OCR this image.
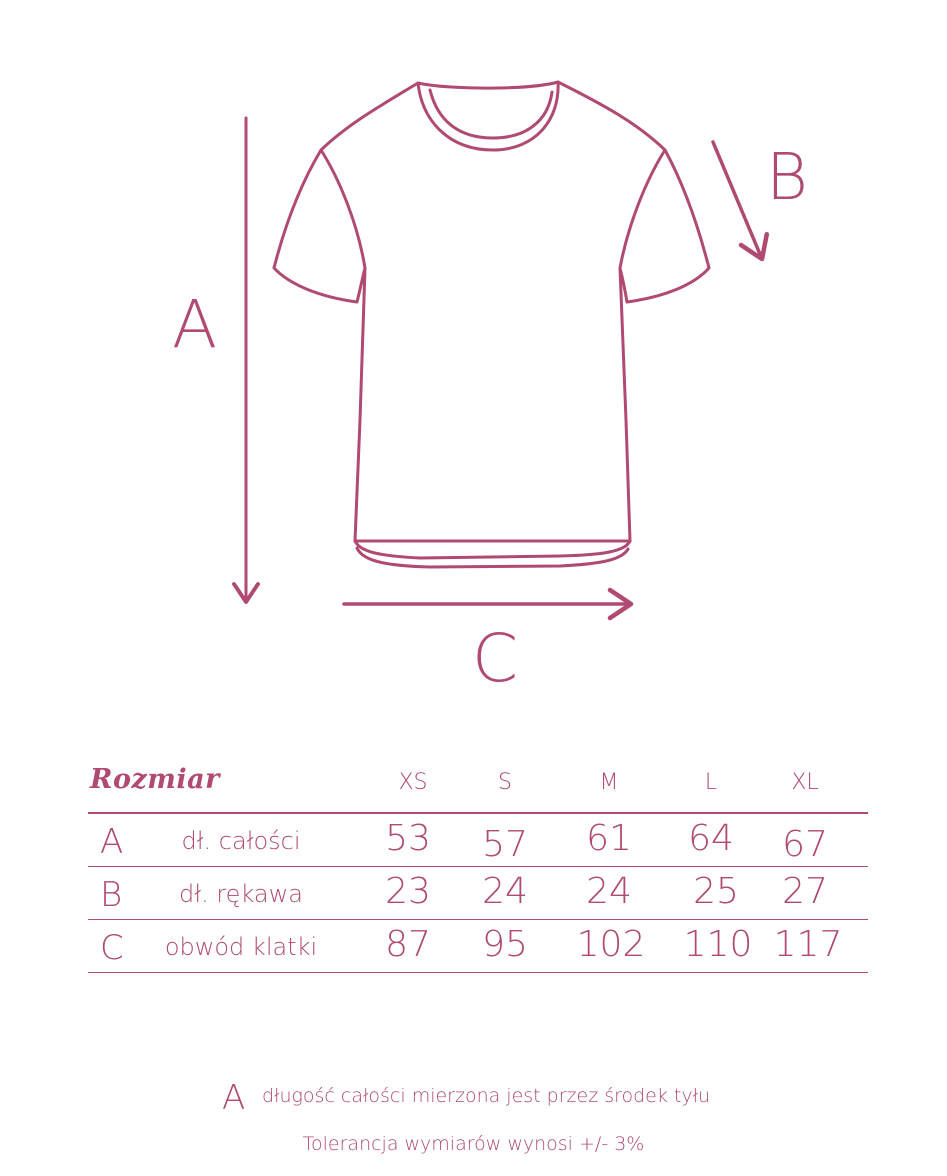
A
B
C
Rozmiar	XS	S	M	L	XL
A	dł. całości	53	57	61	64	67
B	dł. rękawa	23	24	24	25	27
C	obwód klatki	87	95	102 110 117
A długość całości mierzona jest przez środek tyłu
Tolerancja wymiarów wynosi +/- 3%
